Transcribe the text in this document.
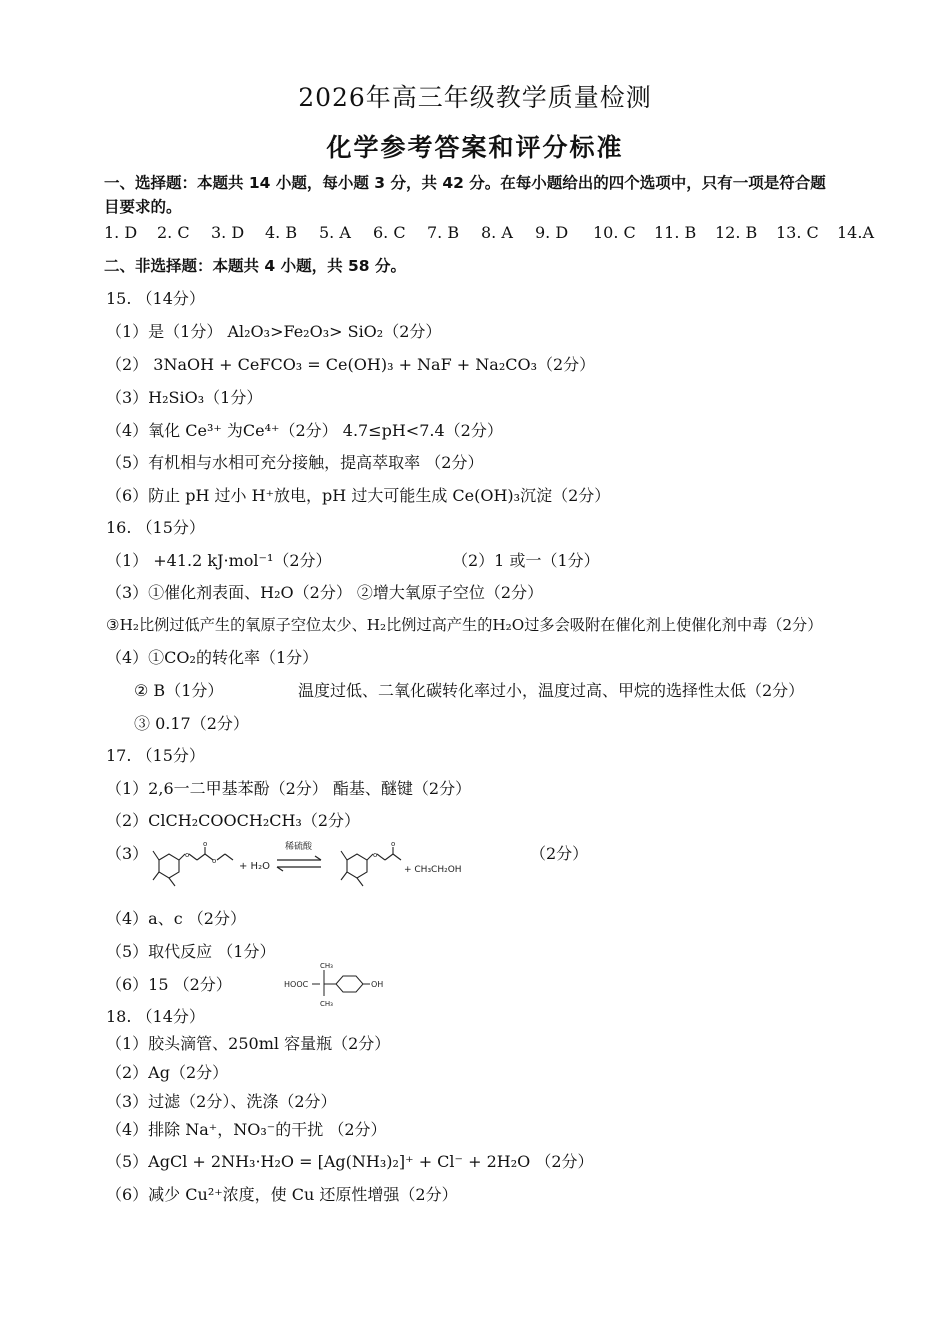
2026年高三年级教学质量检测
化学参考答案和评分标准
一、选择题：本题共 14 小题，每小题 3 分，共 42 分。在每小题给出的四个选项中，只有一项是符合题
目要求的。
1. D 2. C 3. D 4. B 5. A 6. C 7. B 8. A 9. D 10. C 11. B 12. B 13. C 14.A
二、非选择题：本题共 4 小题，共 58 分。
15. （14分）
（1）是（1分） Al₂O₃>Fe₂O₃> SiO₂（2分）
（2） 3NaOH + CeFCO₃ = Ce(OH)₃ + NaF + Na₂CO₃（2分）
（3）H₂SiO₃（1分）
（4）氧化 Ce³⁺ 为Ce⁴⁺（2分） 4.7≤pH<7.4（2分）
（5）有机相与水相可充分接触，提高萃取率 （2分）
（6）防止 pH 过小 H⁺放电，pH 过大可能生成 Ce(OH)₃沉淀（2分）
16. （15分）
（1） +41.2 kJ·mol⁻¹（2分）	（2）1 或一（1分）
（3）①催化剂表面、H₂O（2分） ②增大氧原子空位（2分）
③H₂比例过低产生的氧原子空位太少、H₂比例过高产生的H₂O过多会吸附在催化剂上使催化剂中毒（2分）
（4）①CO₂的转化率（1分）
② B（1分）	温度过低、二氧化碳转化率过小，温度过高、甲烷的选择性太低（2分）
③ 0.17（2分）
17. （15分）
（1）2,6一二甲基苯酚（2分） 酯基、醚键（2分）
（2）ClCH₂COOCH₂CH₃（2分）
（3）	o
o
o + H₂O
稀硫酸
o
o
+ CH₃CH₂OH
（2分）
（4）a、c （2分）
（5）取代反应 （1分）
（6）15 （2分）	HOOC
CH₃
CH₃
OH
18. （14分）
（1）胶头滴管、250ml 容量瓶（2分）
（2）Ag（2分）
（3）过滤（2分）、洗涤（2分）
（4）排除 Na⁺，NO₃⁻的干扰 （2分）
（5）AgCl + 2NH₃·H₂O = [Ag(NH₃)₂]⁺ + Cl⁻ + 2H₂O （2分）
（6）减少 Cu²⁺浓度，使 Cu 还原性增强（2分）
